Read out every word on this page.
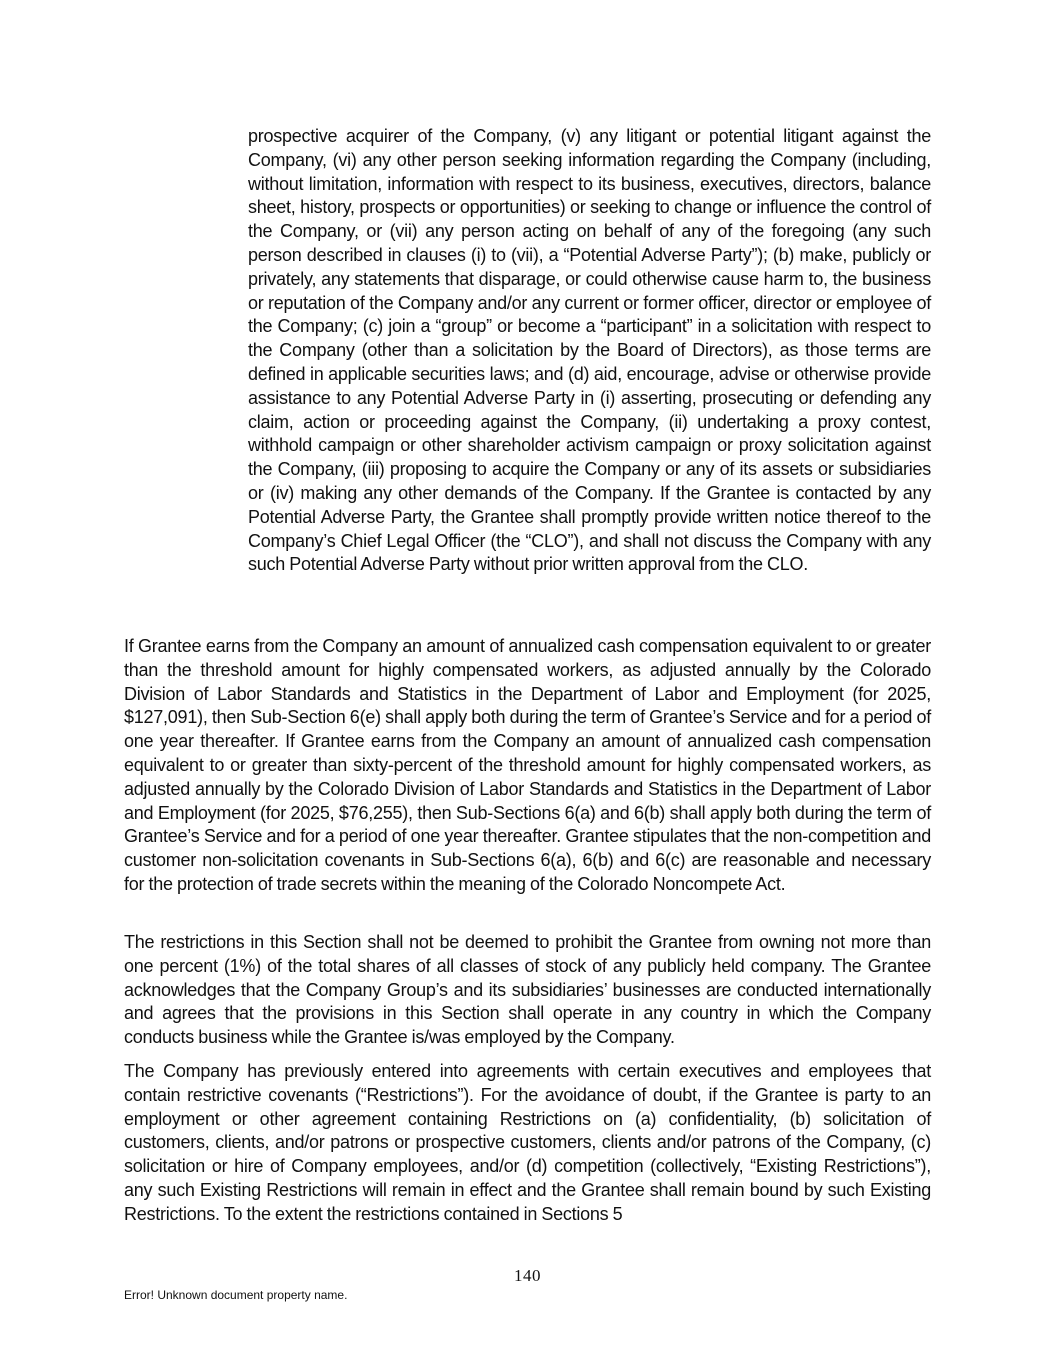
prospective acquirer of the Company, (v) any litigant or potential litigant against the Company, (vi) any other person seeking information regarding the Company (including, without limitation, information with respect to its business, executives, directors, balance sheet, history, prospects or opportunities) or seeking to change or influence the control of the Company, or (vii) any person acting on behalf of any of the foregoing (any such person described in clauses (i) to (vii), a “Potential Adverse Party”); (b) make, publicly or privately, any statements that disparage, or could otherwise cause harm to, the business or reputation of the Company and/or any current or former officer, director or employee of the Company; (c) join a “group” or become a “participant” in a solicitation with respect to the Company (other than a solicitation by the Board of Directors), as those terms are defined in applicable securities laws; and (d) aid, encourage, advise or otherwise provide assistance to any Potential Adverse Party in (i) asserting, prosecuting or defending any claim, action or proceeding against the Company, (ii) undertaking a proxy contest, withhold campaign or other shareholder activism campaign or proxy solicitation against the Company, (iii) proposing to acquire the Company or any of its assets or subsidiaries or (iv) making any other demands of the Company. If the Grantee is contacted by any Potential Adverse Party, the Grantee shall promptly provide written notice thereof to the Company’s Chief Legal Officer (the “CLO”), and shall not discuss the Company with any such Potential Adverse Party without prior written approval from the CLO.

If Grantee earns from the Company an amount of annualized cash compensation equivalent to or greater than the threshold amount for highly compensated workers, as adjusted annually by the Colorado Division of Labor Standards and Statistics in the Department of Labor and Employment (for 2025, $127,091), then Sub-Section 6(e) shall apply both during the term of Grantee’s Service and for a period of one year thereafter. If Grantee earns from the Company an amount of annualized cash compensation equivalent to or greater than sixty-percent of the threshold amount for highly compensated workers, as adjusted annually by the Colorado Division of Labor Standards and Statistics in the Department of Labor and Employment (for 2025, $76,255), then Sub-Sections 6(a) and 6(b) shall apply both during the term of Grantee’s Service and for a period of one year thereafter. Grantee stipulates that the non-competition and customer non-solicitation covenants in Sub-Sections 6(a), 6(b) and 6(c) are reasonable and necessary for the protection of trade secrets within the meaning of the Colorado Noncompete Act.

The restrictions in this Section shall not be deemed to prohibit the Grantee from owning not more than one percent (1%) of the total shares of all classes of stock of any publicly held company. The Grantee acknowledges that the Company Group’s and its subsidiaries’ businesses are conducted internationally and agrees that the provisions in this Section shall operate in any country in which the Company conducts business while the Grantee is/was employed by the Company.

The Company has previously entered into agreements with certain executives and employees that contain restrictive covenants (“Restrictions”). For the avoidance of doubt, if the Grantee is party to an employment or other agreement containing Restrictions on (a) confidentiality, (b) solicitation of customers, clients, and/or patrons or prospective customers, clients and/or patrons of the Company, (c) solicitation or hire of Company employees, and/or (d) competition (collectively, “Existing Restrictions”), any such Existing Restrictions will remain in effect and the Grantee shall remain bound by such Existing Restrictions. To the extent the restrictions contained in Sections 5

140
Error! Unknown document property name.
